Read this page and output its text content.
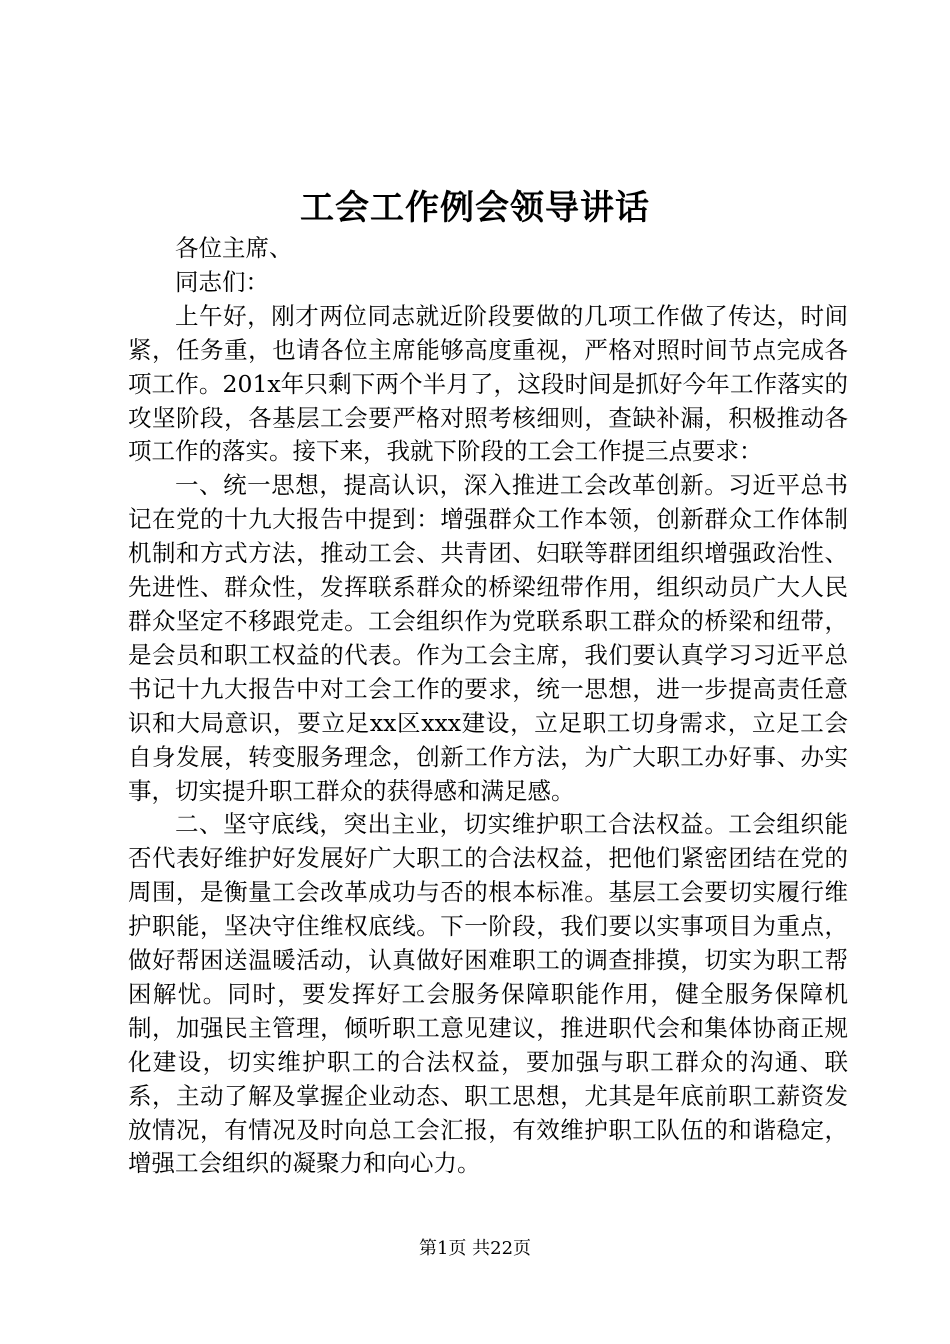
工会工作例会领导讲话

各位主席、

同志们：

上午好，刚才两位同志就近阶段要做的几项工作做了传达，时间紧，任务重，也请各位主席能够高度重视，严格对照时间节点完成各项工作。201x年只剩下两个半月了，这段时间是抓好今年工作落实的攻坚阶段，各基层工会要严格对照考核细则，查缺补漏，积极推动各项工作的落实。接下来，我就下阶段的工会工作提三点要求：

一、统一思想，提高认识，深入推进工会改革创新。习近平总书记在党的十九大报告中提到：增强群众工作本领，创新群众工作体制机制和方式方法，推动工会、共青团、妇联等群团组织增强政治性、先进性、群众性，发挥联系群众的桥梁纽带作用，组织动员广大人民群众坚定不移跟党走。工会组织作为党联系职工群众的桥梁和纽带，是会员和职工权益的代表。作为工会主席，我们要认真学习习近平总书记十九大报告中对工会工作的要求，统一思想，进一步提高责任意识和大局意识，要立足xx区xxx建设，立足职工切身需求，立足工会自身发展，转变服务理念，创新工作方法，为广大职工办好事、办实事，切实提升职工群众的获得感和满足感。

二、坚守底线，突出主业，切实维护职工合法权益。工会组织能否代表好维护好发展好广大职工的合法权益，把他们紧密团结在党的周围，是衡量工会改革成功与否的根本标准。基层工会要切实履行维护职能，坚决守住维权底线。下一阶段，我们要以实事项目为重点，做好帮困送温暖活动，认真做好困难职工的调查排摸，切实为职工帮困解忧。同时，要发挥好工会服务保障职能作用，健全服务保障机制，加强民主管理，倾听职工意见建议，推进职代会和集体协商正规化建设，切实维护职工的合法权益，要加强与职工群众的沟通、联系，主动了解及掌握企业动态、职工思想，尤其是年底前职工薪资发放情况，有情况及时向总工会汇报，有效维护职工队伍的和谐稳定，增强工会组织的凝聚力和向心力。

第1页 共22页
